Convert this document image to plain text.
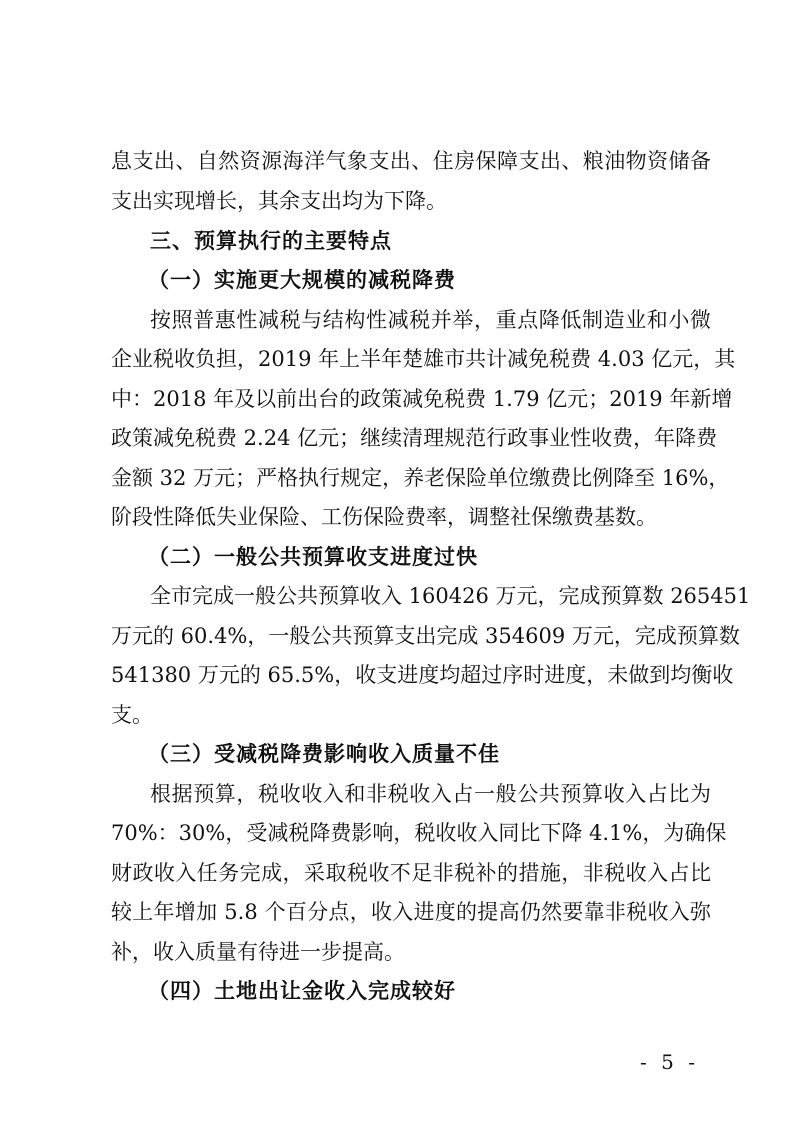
息支出、自然资源海洋气象支出、住房保障支出、粮油物资储备
支出实现增长，其余支出均为下降。
三、预算执行的主要特点
（一）实施更大规模的减税降费
按照普惠性减税与结构性减税并举，重点降低制造业和小微
企业税收负担，2019 年上半年楚雄市共计减免税费 4.03 亿元，其
中：2018 年及以前出台的政策减免税费 1.79 亿元；2019 年新增
政策减免税费 2.24 亿元；继续清理规范行政事业性收费，年降费
金额 32 万元；严格执行规定，养老保险单位缴费比例降至 16%，
阶段性降低失业保险、工伤保险费率，调整社保缴费基数。
（二）一般公共预算收支进度过快
全市完成一般公共预算收入 160426 万元，完成预算数 265451
万元的 60.4%，一般公共预算支出完成 354609 万元，完成预算数
541380 万元的 65.5%，收支进度均超过序时进度，未做到均衡收
支。
（三）受减税降费影响收入质量不佳
根据预算，税收收入和非税收入占一般公共预算收入占比为
70%：30%，受减税降费影响，税收收入同比下降 4.1%，为确保
财政收入任务完成，采取税收不足非税补的措施，非税收入占比
较上年增加 5.8 个百分点，收入进度的提高仍然要靠非税收入弥
补，收入质量有待进一步提高。
（四）土地出让金收入完成较好
- 5 -
